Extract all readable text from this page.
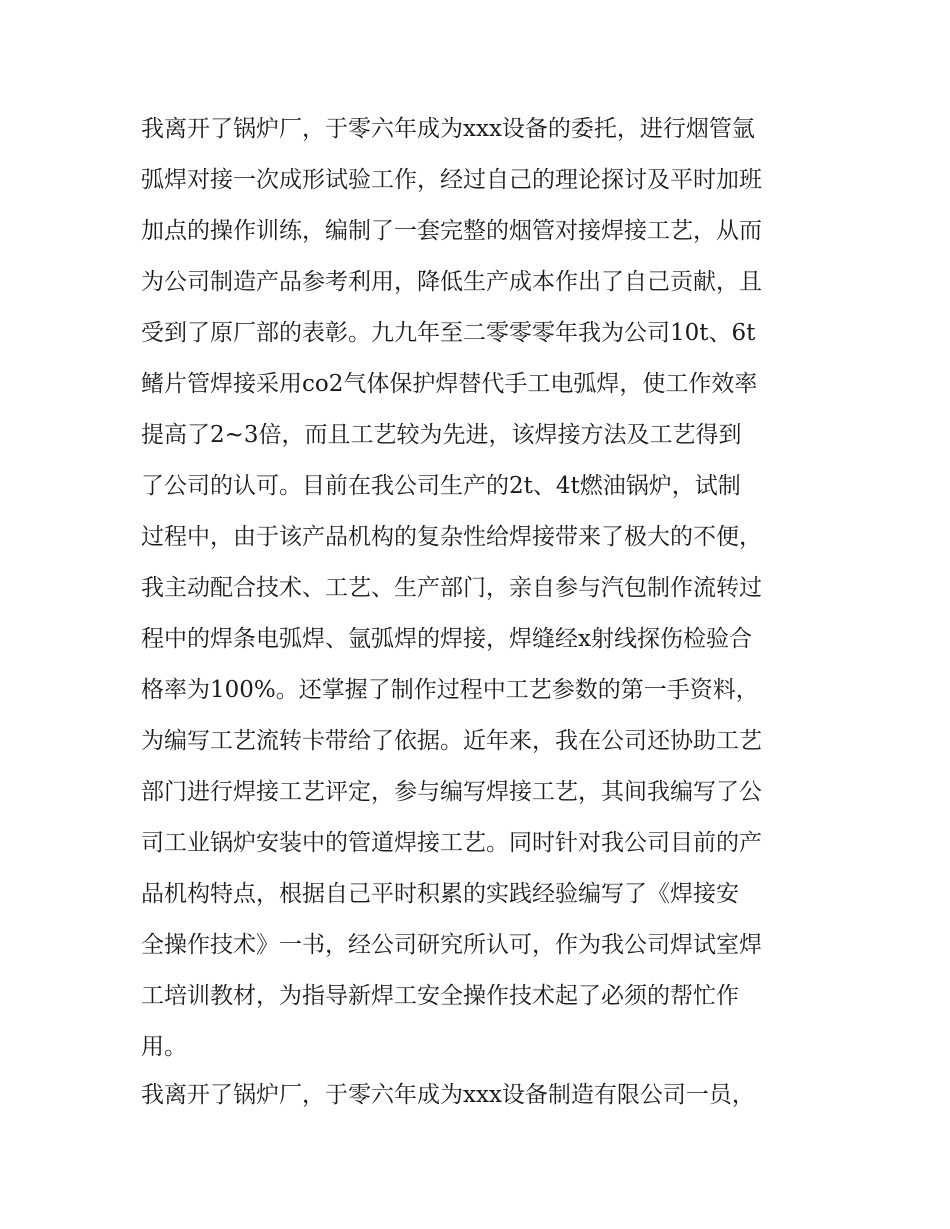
我离开了锅炉厂，于零六年成为xxx设备的委托，进行烟管氩
弧焊对接一次成形试验工作，经过自己的理论探讨及平时加班
加点的操作训练，编制了一套完整的烟管对接焊接工艺，从而
为公司制造产品参考利用，降低生产成本作出了自己贡献，且
受到了原厂部的表彰。九九年至二零零零年我为公司10t、6t
鳍片管焊接采用co2气体保护焊替代手工电弧焊，使工作效率
提高了2~3倍，而且工艺较为先进，该焊接方法及工艺得到
了公司的认可。目前在我公司生产的2t、4t燃油锅炉，试制
过程中，由于该产品机构的复杂性给焊接带来了极大的不便，
我主动配合技术、工艺、生产部门，亲自参与汽包制作流转过
程中的焊条电弧焊、氩弧焊的焊接，焊缝经x射线探伤检验合
格率为100%。还掌握了制作过程中工艺参数的第一手资料，
为编写工艺流转卡带给了依据。近年来，我在公司还协助工艺
部门进行焊接工艺评定，参与编写焊接工艺，其间我编写了公
司工业锅炉安装中的管道焊接工艺。同时针对我公司目前的产
品机构特点，根据自己平时积累的实践经验编写了《焊接安
全操作技术》一书，经公司研究所认可，作为我公司焊试室焊
工培训教材，为指导新焊工安全操作技术起了必须的帮忙作
用。
我离开了锅炉厂，于零六年成为xxx设备制造有限公司一员，
